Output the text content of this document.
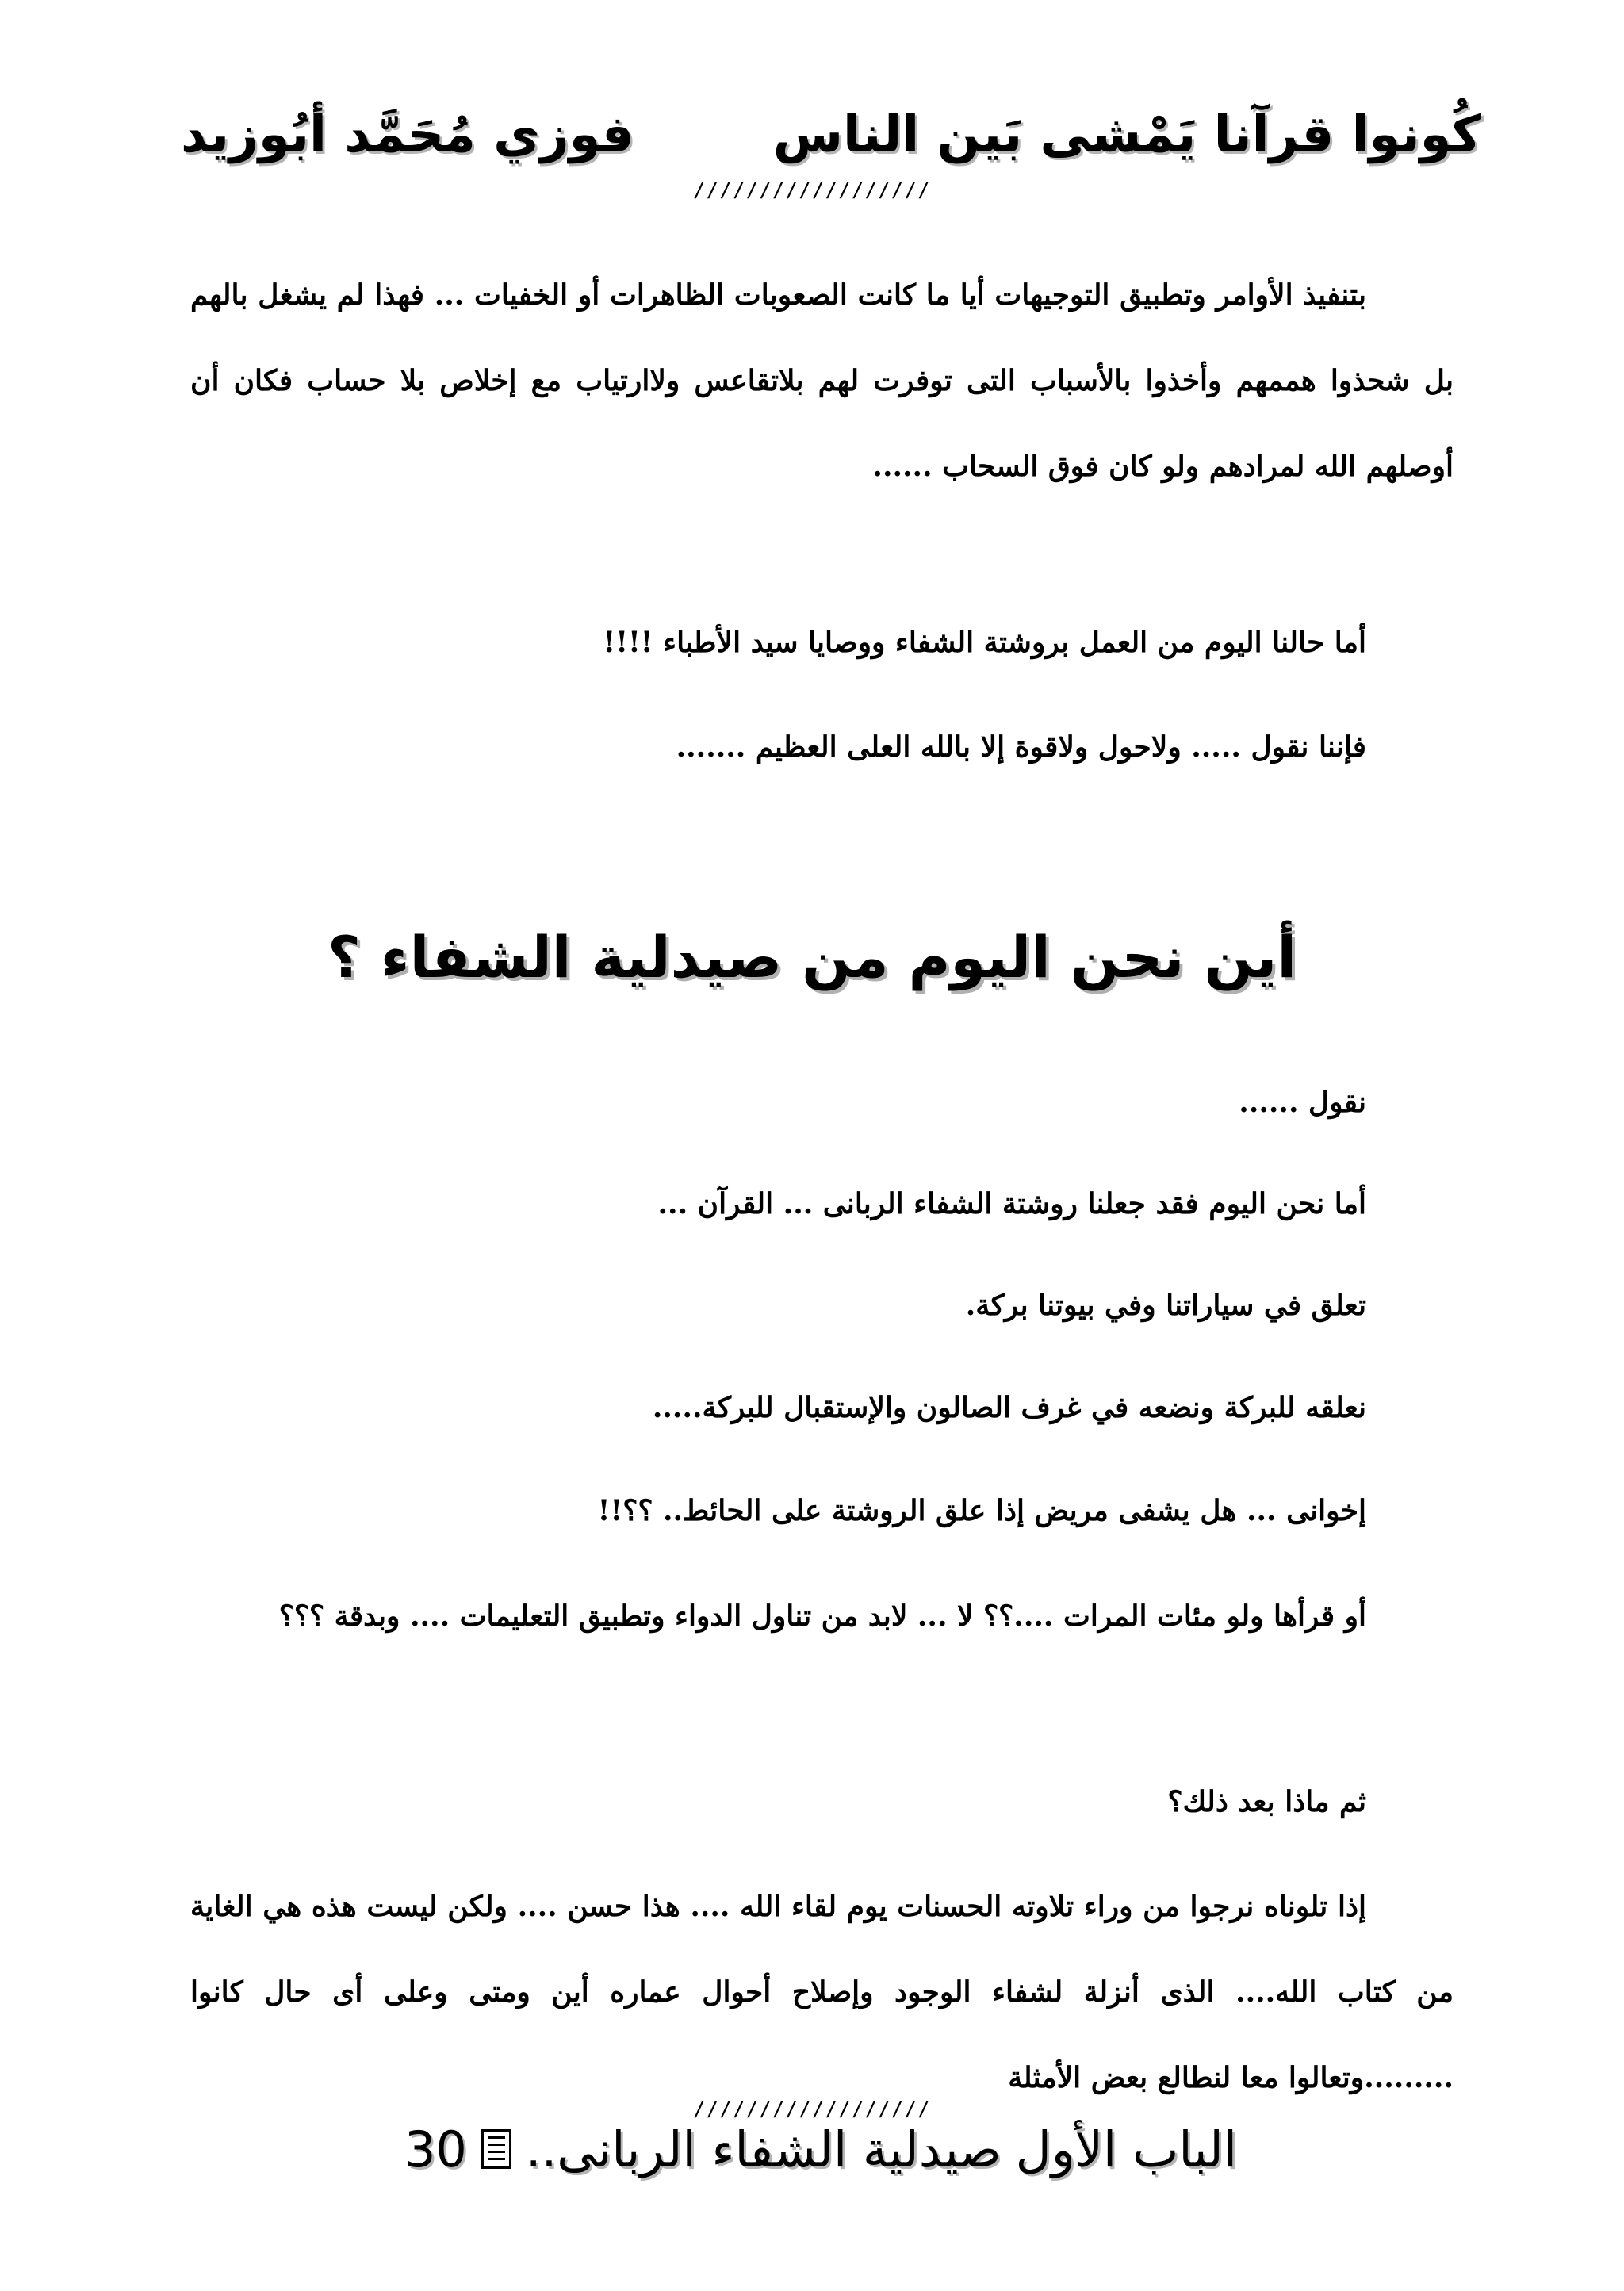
كُونوا قرآنا يَمْشى بَين الناس
فوزي مُحَمَّد أبُوزيد
//////////////////
بتنفيذ الأوامر وتطبيق التوجيهات أيا ما كانت الصعوبات الظاهرات أو الخفيات ... فهذا لم يشغل بالهم بل شحذوا هممهم وأخذوا بالأسباب التى توفرت لهم بلاتقاعس ولاارتياب مع إخلاص بلا حساب فكان أن أوصلهم الله لمرادهم ولو كان فوق السحاب ......
أما حالنا اليوم من العمل بروشتة الشفاء ووصايا سيد الأطباء !!!!
فإننا نقول ..... ولاحول ولاقوة إلا بالله العلى العظيم .......
أين نحن اليوم من صيدلية الشفاء ؟
نقول ......
أما نحن اليوم فقد جعلنا روشتة الشفاء الربانى ... القرآن ...
تعلق في سياراتنا وفي بيوتنا بركة.
نعلقه للبركة ونضعه في غرف الصالون والإستقبال للبركة.....
إخوانى ... هل يشفى مريض إذا علق الروشتة على الحائط.. ؟؟!!
أو قرأها ولو مئات المرات ....؟؟ لا ... لابد من تناول الدواء وتطبيق التعليمات .... وبدقة ؟؟؟
ثم ماذا بعد ذلك؟
إذا تلوناه نرجوا من وراء تلاوته الحسنات يوم لقاء الله .... هذا حسن .... ولكن ليست هذه هي الغاية من كتاب الله.... الذى أنزلة لشفاء الوجود وإصلاح أحوال عماره أين ومتى وعلى أى حال كانوا .........وتعالوا معا لنطالع بعض الأمثلة
//////////////////
الباب الأول
صيدلية الشفاء الربانى..
30
